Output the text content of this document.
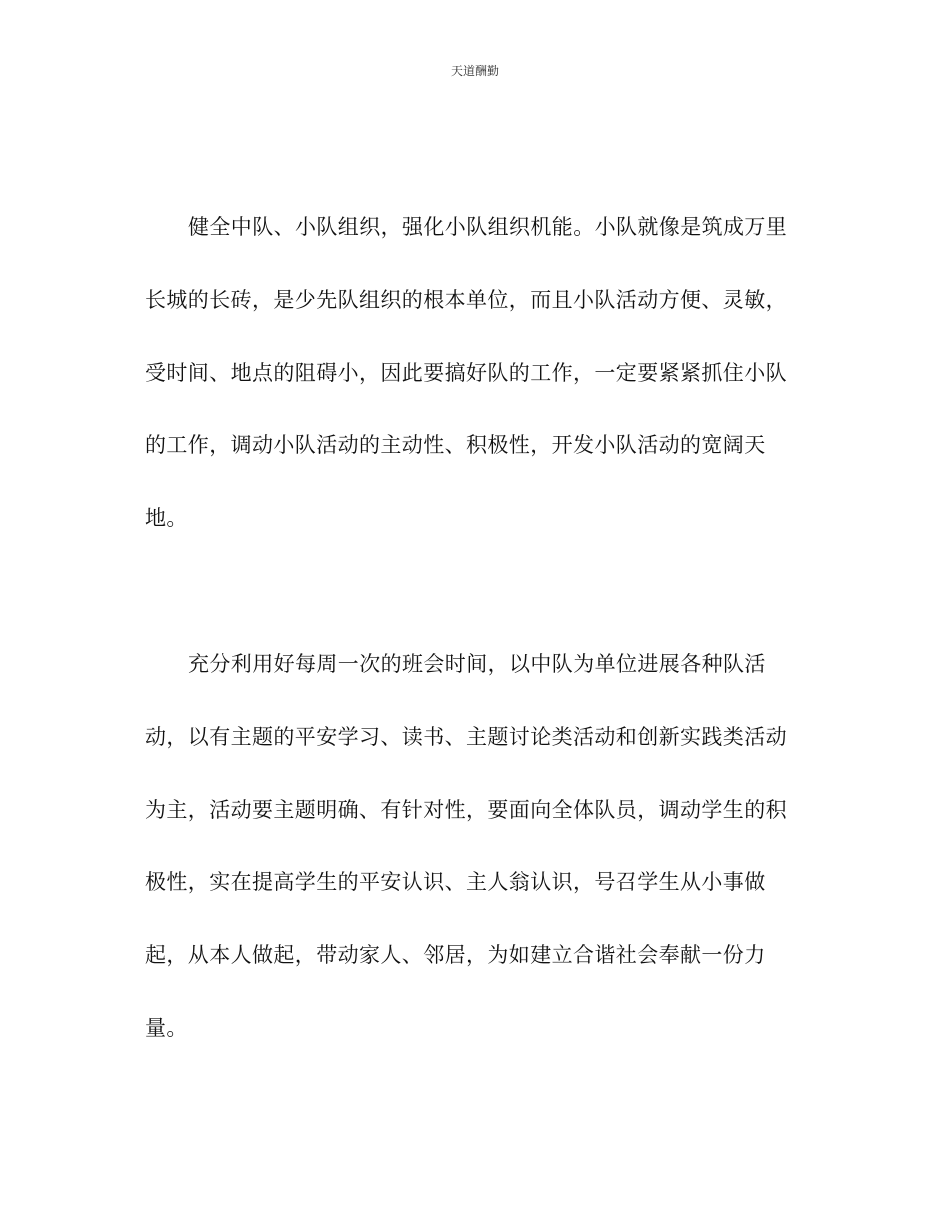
天道酬勤
健全中队、小队组织，强化小队组织机能。小队就像是筑成万里
长城的长砖，是少先队组织的根本单位，而且小队活动方便、灵敏，
受时间、地点的阻碍小，因此要搞好队的工作，一定要紧紧抓住小队
的工作，调动小队活动的主动性、积极性，开发小队活动的宽阔天
地。
充分利用好每周一次的班会时间，以中队为单位进展各种队活
动，以有主题的平安学习、读书、主题讨论类活动和创新实践类活动
为主，活动要主题明确、有针对性，要面向全体队员，调动学生的积
极性，实在提高学生的平安认识、主人翁认识，号召学生从小事做
起，从本人做起，带动家人、邻居，为如建立合谐社会奉献一份力
量。
